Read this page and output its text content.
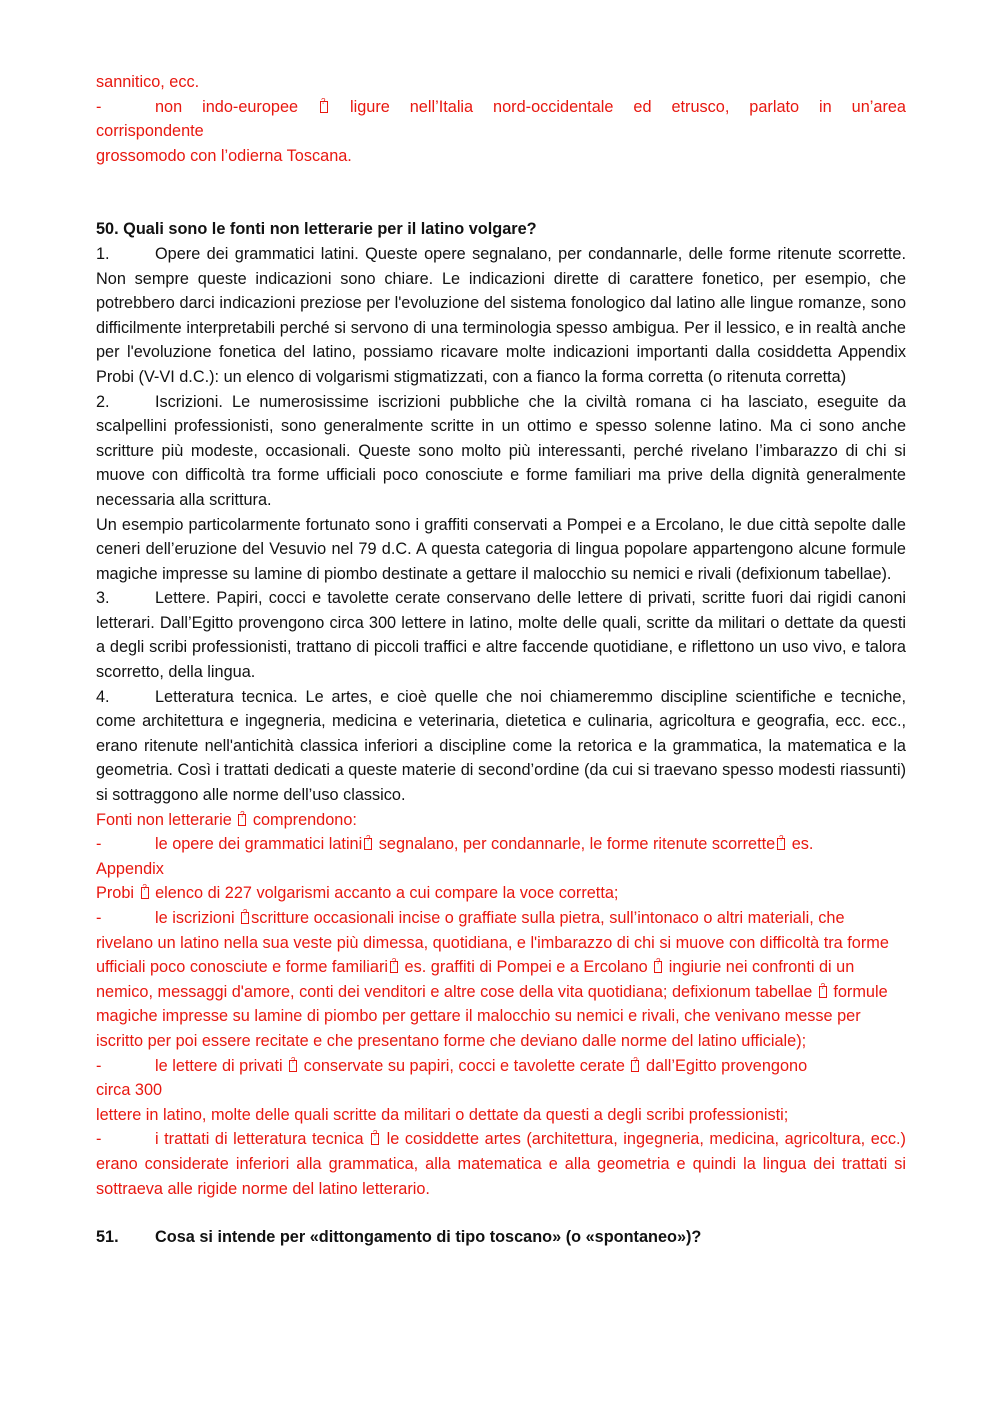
sannitico, ecc.

-	non indo-europee ?	ligure nell’Italia nord-occidentale ed etrusco, parlato in un’area

corrispondente

grossomodo con l’odierna Toscana.

50. Quali sono le fonti non letterarie per il latino volgare?

1.	Opere dei grammatici latini. Queste opere segnalano, per condannarle, delle forme ritenute scorrette. Non sempre queste indicazioni sono chiare. Le indicazioni dirette di carattere fonetico, per esempio, che potrebbero darci indicazioni preziose per l'evoluzione del sistema fonologico dal latino alle lingue romanze, sono difficilmente interpretabili perché si servono di una terminologia spesso ambigua. Per il lessico, e in realtà anche per l'evoluzione fonetica del latino, possiamo ricavare molte indicazioni importanti dalla cosiddetta Appendix Probi (V-VI d.C.): un elenco di volgarismi stigmatizzati, con a fianco la forma corretta (o ritenuta corretta)

2.	Iscrizioni. Le numerosissime iscrizioni pubbliche che la civiltà romana ci ha lasciato, eseguite da scalpellini professionisti, sono generalmente scritte in un ottimo e spesso solenne latino. Ma ci sono anche scritture più modeste, occasionali. Queste sono molto più interessanti, perché rivelano l’imbarazzo di chi si muove con difficoltà tra forme ufficiali poco conosciute e forme familiari ma prive della dignità generalmente necessaria alla scrittura.

Un esempio particolarmente fortunato sono i graffiti conservati a Pompei e a Ercolano, le due città sepolte dalle ceneri dell’eruzione del Vesuvio nel 79 d.C. A questa categoria di lingua popolare appartengono alcune formule magiche impresse su lamine di piombo destinate a gettare il malocchio su nemici e rivali (defixionum tabellae).

3.	Lettere. Papiri, cocci e tavolette cerate conservano delle lettere di privati, scritte fuori dai rigidi canoni letterari. Dall’Egitto provengono circa 300 lettere in latino, molte delle quali, scritte da militari o dettate da questi a degli scribi professionisti, trattano di piccoli traffici e altre faccende quotidiane, e riflettono un uso vivo, e talora scorretto, della lingua.

4.	Letteratura tecnica. Le artes, e cioè quelle che noi chiameremmo discipline scientifiche e tecniche, come architettura e ingegneria, medicina e veterinaria, dietetica e culinaria, agricoltura e geografia, ecc. ecc., erano ritenute nell'antichità classica inferiori a discipline come la retorica e la grammatica, la matematica e la geometria. Così i trattati dedicati a queste materie di second’ordine (da cui si traevano spesso modesti riassunti) si sottraggono alle norme dell’uso classico.

Fonti non letterarie ? comprendono:

-	le opere dei grammatici latini ? segnalano, per condannarle, le forme ritenute scorrette ? es.
Appendix

Probi ? elenco di 227 volgarismi accanto a cui compare la voce corretta;

-	le iscrizioni ? scritture occasionali incise o graffiate sulla pietra, sull’intonaco o altri materiali, che rivelano un latino nella sua veste più dimessa, quotidiana, e l'imbarazzo di chi si muove con difficoltà tra forme ufficiali poco conosciute e forme familiari ? es. graffiti di Pompei e a Ercolano ? ingiurie nei confronti di un nemico, messaggi d'amore, conti dei venditori e altre cose della vita quotidiana; defixionum tabellae ? formule magiche impresse su lamine di piombo per gettare il malocchio su nemici e rivali, che venivano messe per iscritto per poi essere recitate e che presentano forme che deviano dalle norme del latino ufficiale);

-	le lettere di privati ? conservate su papiri, cocci e tavolette cerate ? dall’Egitto provengono
circa 300

lettere in latino, molte delle quali scritte da militari o dettate da questi a degli scribi professionisti;

-	i trattati di letteratura tecnica ? le cosiddette artes (architettura, ingegneria, medicina, agricoltura, ecc.) erano considerate inferiori alla grammatica, alla matematica e alla geometria e quindi la lingua dei trattati si sottraeva alle rigide norme del latino letterario.

51. Cosa si intende per «dittongamento di tipo toscano» (o «spontaneo»)?
